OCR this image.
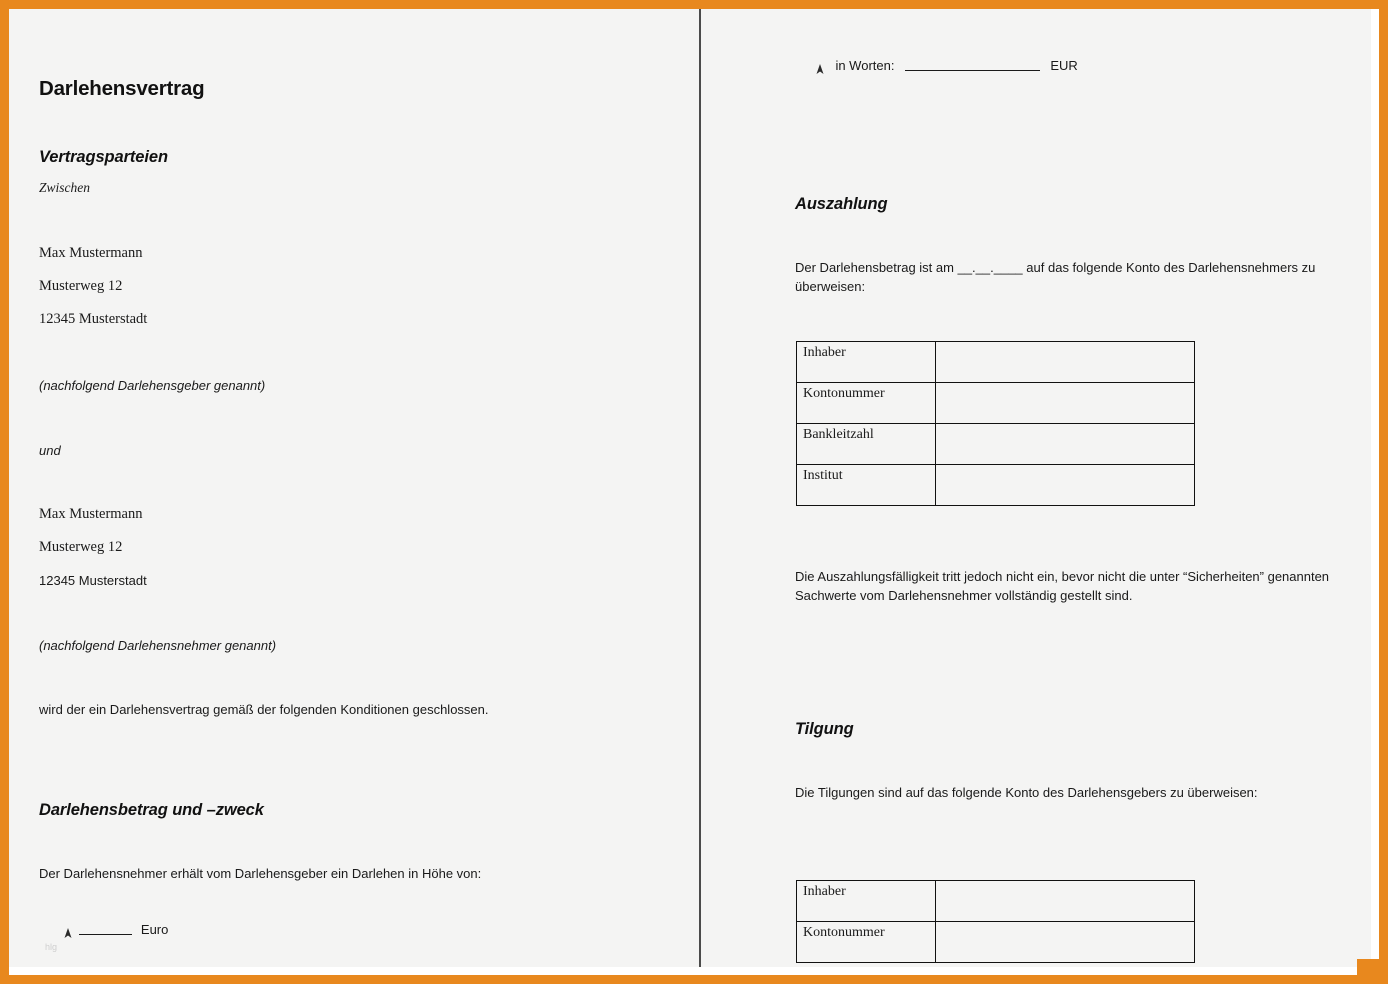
Darlehensvertrag
Vertragsparteien
Zwischen
Max Mustermann
Musterweg 12
12345 Musterstadt
(nachfolgend Darlehensgeber genannt)
und
Max Mustermann
Musterweg 12
12345 Musterstadt
(nachfolgend Darlehensnehmer genannt)
wird der ein Darlehensvertrag gemäß der folgenden Konditionen geschlossen.
Darlehensbetrag und –zweck
Der Darlehensnehmer erhält vom Darlehensgeber ein Darlehen in Höhe von:
Euro
hlg
in Worten:	EUR
Auszahlung
Der Darlehensbetrag ist am __.__.____ auf das folgende Konto des Darlehensnehmers zu überweisen:
Inhaber	
Kontonummer	
Bankleitzahl	
Institut	
Die Auszahlungsfälligkeit tritt jedoch nicht ein, bevor nicht die unter “Sicherheiten” genannten Sachwerte vom Darlehensnehmer vollständig gestellt sind.
Tilgung
Die Tilgungen sind auf das folgende Konto des Darlehensgebers zu überweisen:
Inhaber	
Kontonummer	
